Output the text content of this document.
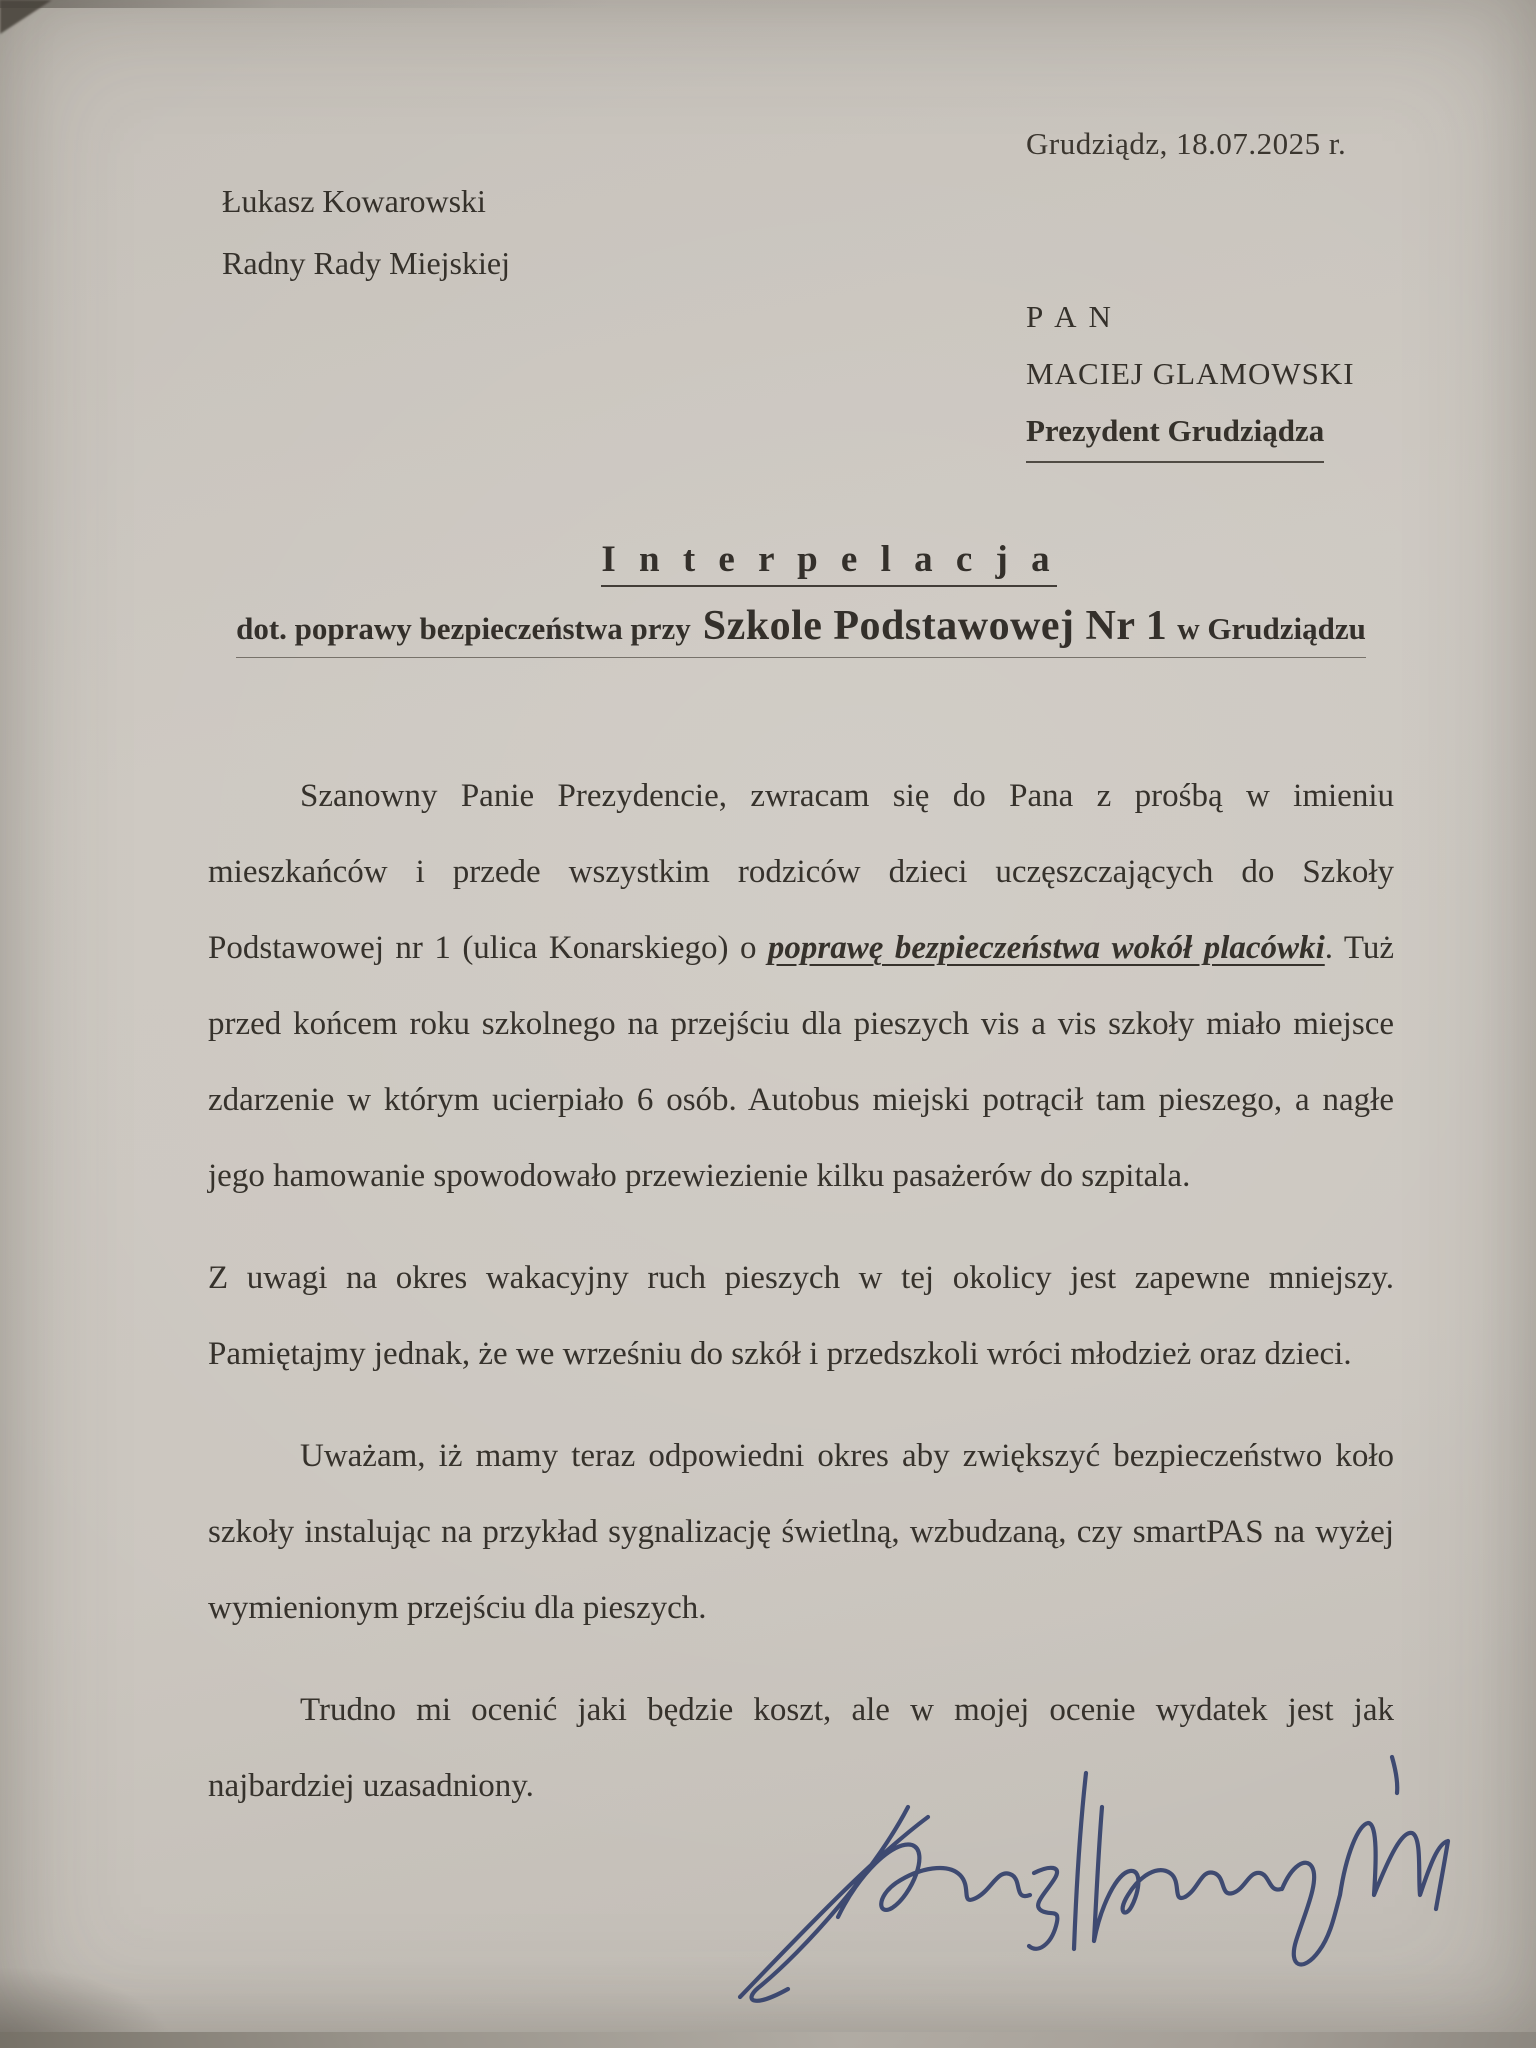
Grudziądz, 18.07.2025 r.
Łukasz Kowarowski
Radny Rady Miejskiej
P A N
MACIEJ GLAMOWSKI
Prezydent Grudziądza
I n t e r p e l a c j a
dot. poprawy bezpieczeństwa przy Szkole Podstawowej Nr 1 w Grudziądzu

Szanowny Panie Prezydencie, zwracam się do Pana z prośbą w imieniu mieszkańców i przede wszystkim rodziców dzieci uczęszczających do Szkoły Podstawowej nr 1 (ulica Konarskiego) o poprawę bezpieczeństwa wokół placówki. Tuż przed końcem roku szkolnego na przejściu dla pieszych vis a vis szkoły miało miejsce zdarzenie w którym ucierpiało 6 osób. Autobus miejski potrącił tam pieszego, a nagłe jego hamowanie spowodowało przewiezienie kilku pasażerów do szpitala.

Z uwagi na okres wakacyjny ruch pieszych w tej okolicy jest zapewne mniejszy. Pamiętajmy jednak, że we wrześniu do szkół i przedszkoli wróci młodzież oraz dzieci.

Uważam, iż mamy teraz odpowiedni okres aby zwiększyć bezpieczeństwo koło szkoły instalując na przykład sygnalizację świetlną, wzbudzaną, czy smartPAS na wyżej wymienionym przejściu dla pieszych.

Trudno mi ocenić jaki będzie koszt, ale w mojej ocenie wydatek jest jak najbardziej uzasadniony.
